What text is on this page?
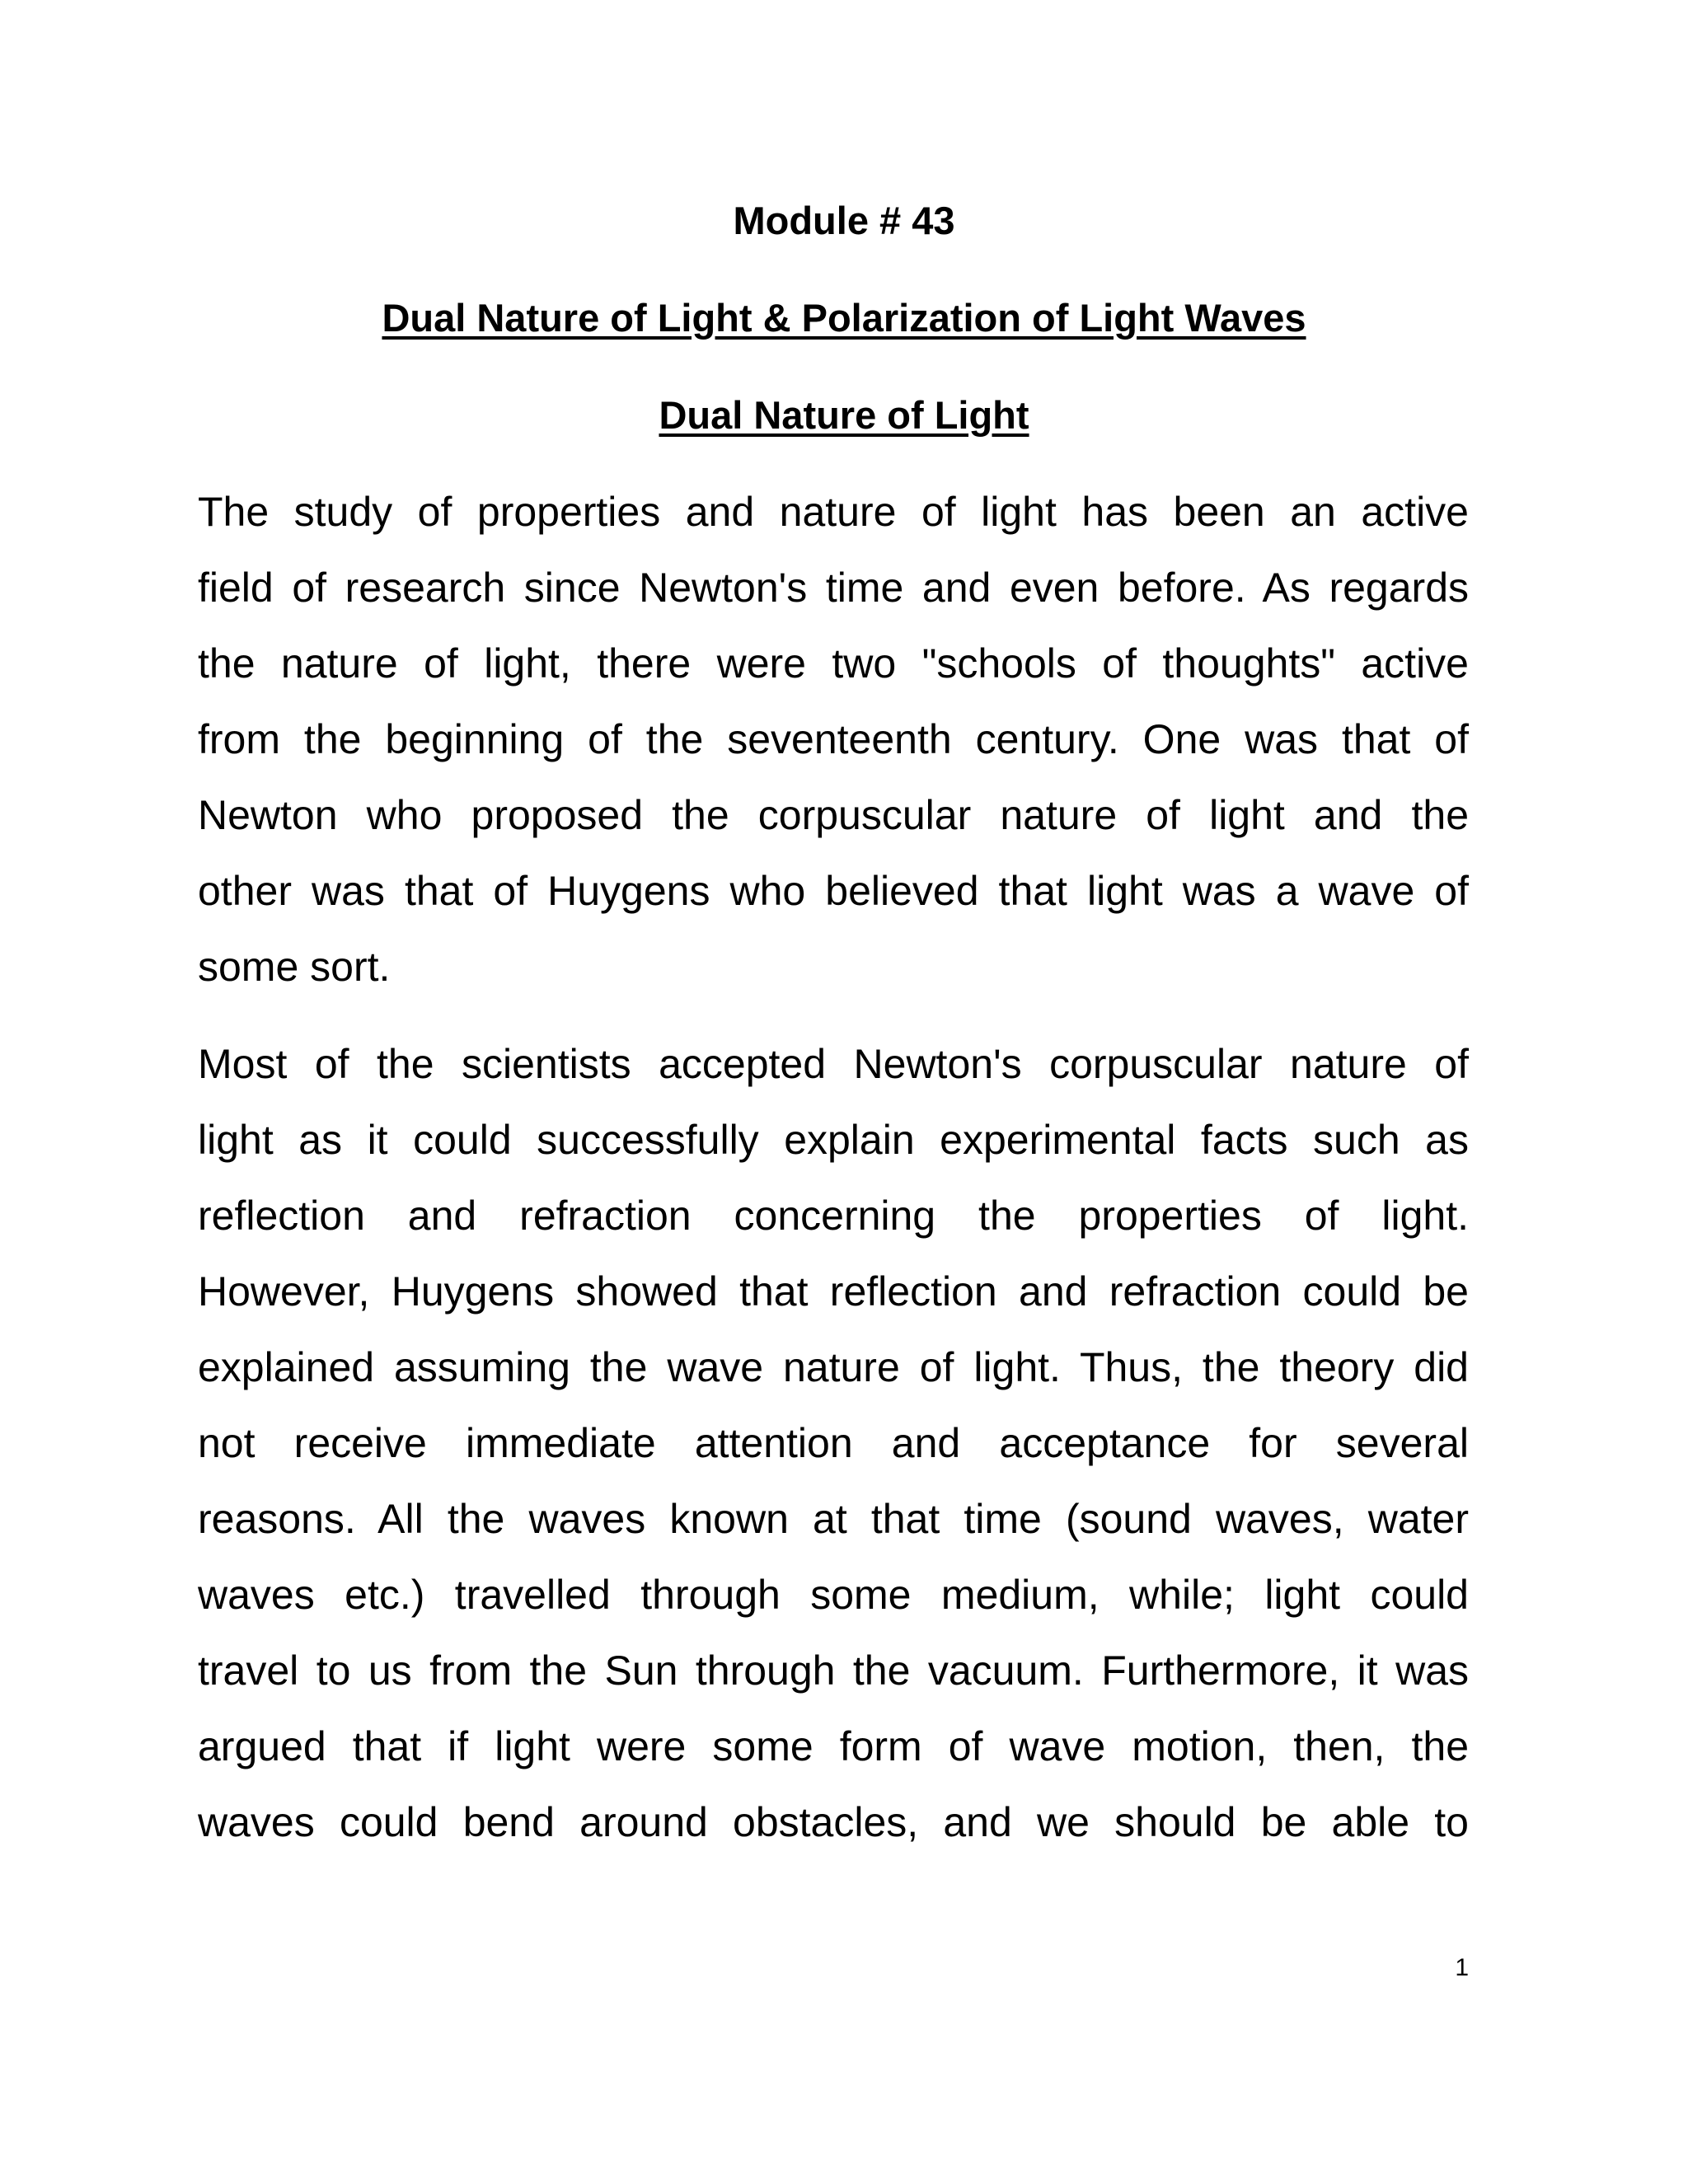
Module # 43
Dual Nature of Light & Polarization of Light Waves
Dual Nature of Light

The study of properties and nature of light has been an active

field of research since Newton's time and even before. As regards

the nature of light, there were two "schools of thoughts" active

from the beginning of the seventeenth century. One was that of

Newton who proposed the corpuscular nature of light and the

other was that of Huygens who believed that light was a wave of

some sort.

Most of the scientists accepted Newton's corpuscular nature of

light as it could successfully explain experimental facts such as

reflection and refraction concerning the properties of light.

However, Huygens showed that reflection and refraction could be

explained assuming the wave nature of light. Thus, the theory did

not receive immediate attention and acceptance for several

reasons. All the waves known at that time (sound waves, water

waves etc.) travelled through some medium, while; light could

travel to us from the Sun through the vacuum. Furthermore, it was

argued that if light were some form of wave motion, then, the

waves could bend around obstacles, and we should be able to

1
